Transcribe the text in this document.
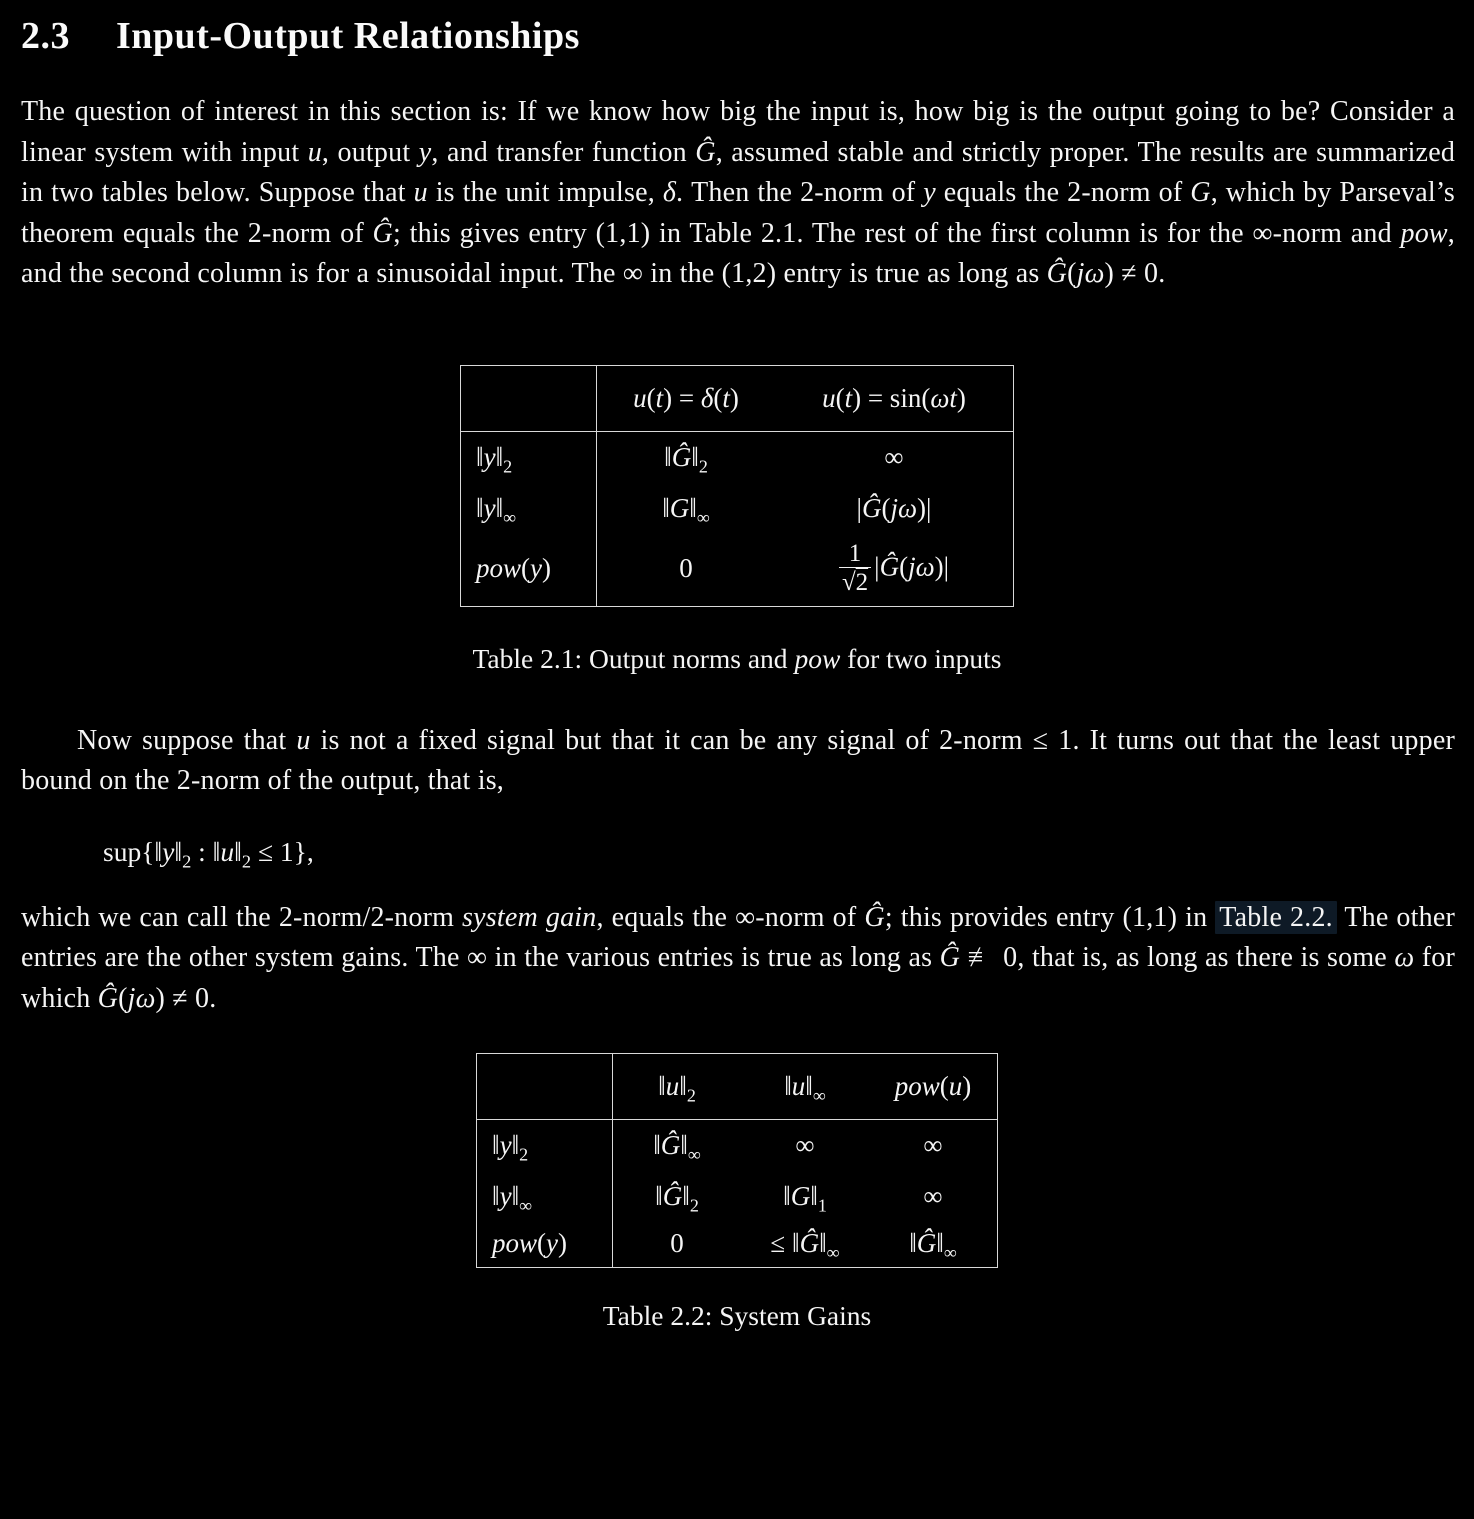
2.3 Input-Output Relationships

The question of interest in this section is: If we know how big the input is, how big is the output going to be? Consider a linear system with input u, output y, and transfer function Ĝ, assumed stable and strictly proper. The results are summarized in two tables below. Suppose that u is the unit impulse, δ. Then the 2-norm of y equals the 2-norm of G, which by Parseval’s theorem equals the 2-norm of Ĝ; this gives entry (1,1) in Table 2.1. The rest of the first column is for the ∞-norm and pow, and the second column is for a sinusoidal input. The ∞ in the (1,2) entry is true as long as Ĝ(jω) ≠ 0.

	u(t) = δ(t)	u(t) = sin(ωt)
$‖y‖_2$	$‖Ĝ‖_2$	∞
$‖y‖_\infty$	$‖G‖_\infty$	|Ĝ(jω)|
pow(y)	0	$\frac{1}{√2}$ |Ĝ(jω)|
Table 2.1: Output norms and pow for two inputs

Now suppose that u is not a fixed signal but that it can be any signal of 2-norm ≤ 1. It turns out that the least upper bound on the 2-norm of the output, that is,

$sup\{‖y‖_2$ : $‖u‖_2 \le 1$},

which we can call the 2-norm/2-norm system gain, equals the ∞-norm of Ĝ; this provides entry (1,1) in Table 2.2. The other entries are the other system gains. The ∞ in the various entries is true as long as Ĝ ≢ 0, that is, as long as there is some ω for which Ĝ(jω) ≠ 0.

	$‖u‖_2$	$‖u‖_\infty$	pow(u)
$‖y‖_2$	$‖Ĝ‖_\infty$	∞	∞
$‖y‖_\infty$	$‖Ĝ‖_2$	$‖G‖_1$	∞
pow(y)	0	≤ $‖Ĝ‖_\infty$	$‖Ĝ‖_\infty$
Table 2.2: System Gains
